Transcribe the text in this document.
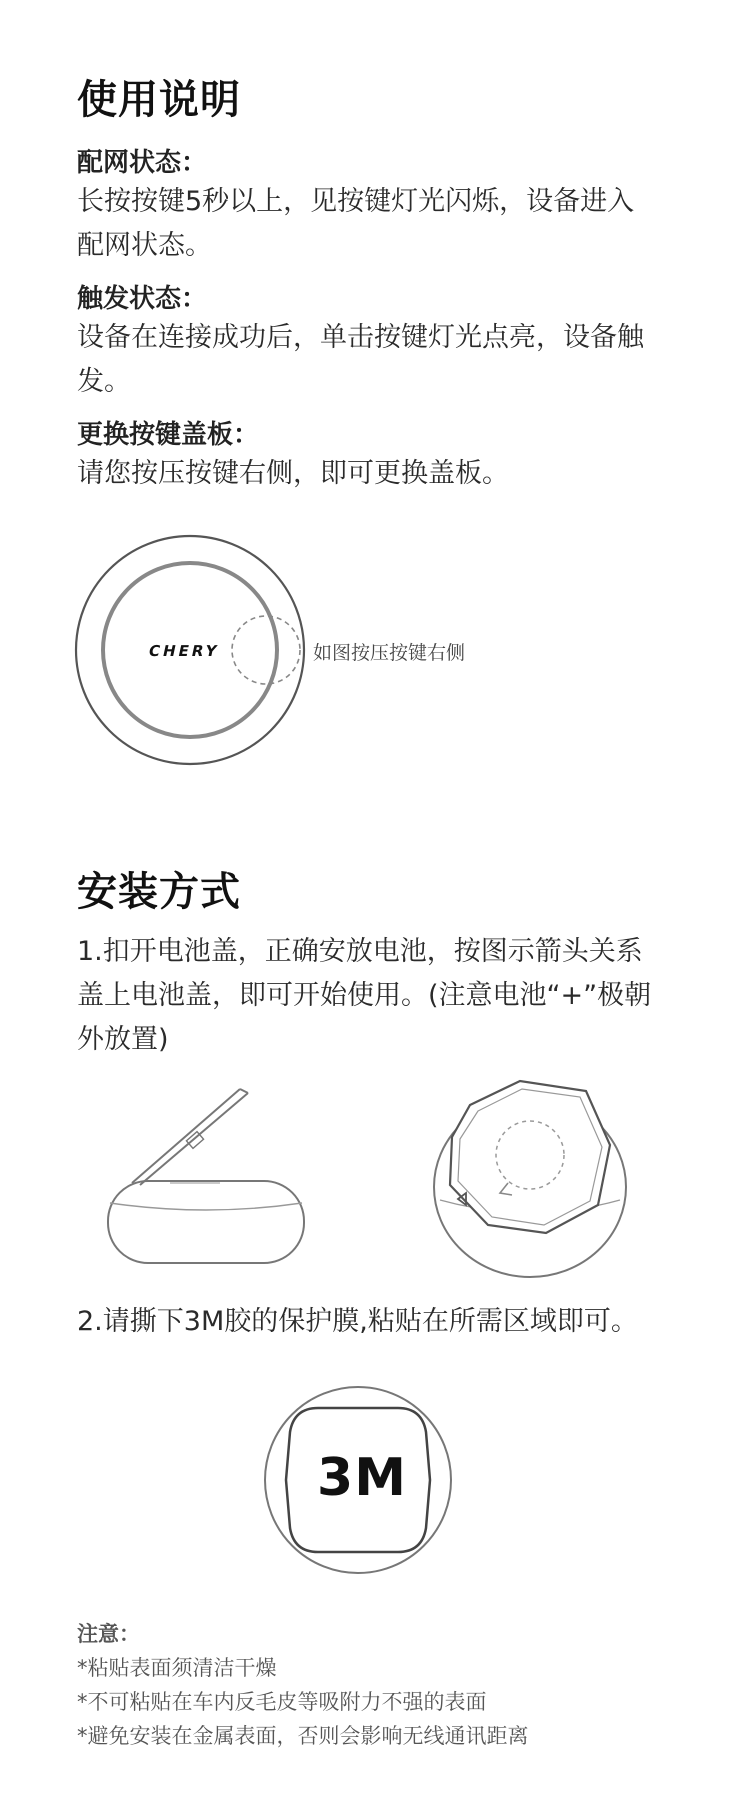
使用说明
配网状态：
长按按键5秒以上，见按键灯光闪烁，设备进入
配网状态。
触发状态：
设备在连接成功后，单击按键灯光点亮，设备触
发。
更换按键盖板：
请您按压按键右侧，即可更换盖板。
CHERY	如图按压按键右侧
安装方式
1.扣开电池盖，正确安放电池，按图示箭头关系
盖上电池盖，即可开始使用。(注意电池“+”极朝
外放置)
2.请撕下3M胶的保护膜,粘贴在所需区域即可。
3M
注意：
*粘贴表面须清洁干燥
*不可粘贴在车内反毛皮等吸附力不强的表面
*避免安装在金属表面，否则会影响无线通讯距离
